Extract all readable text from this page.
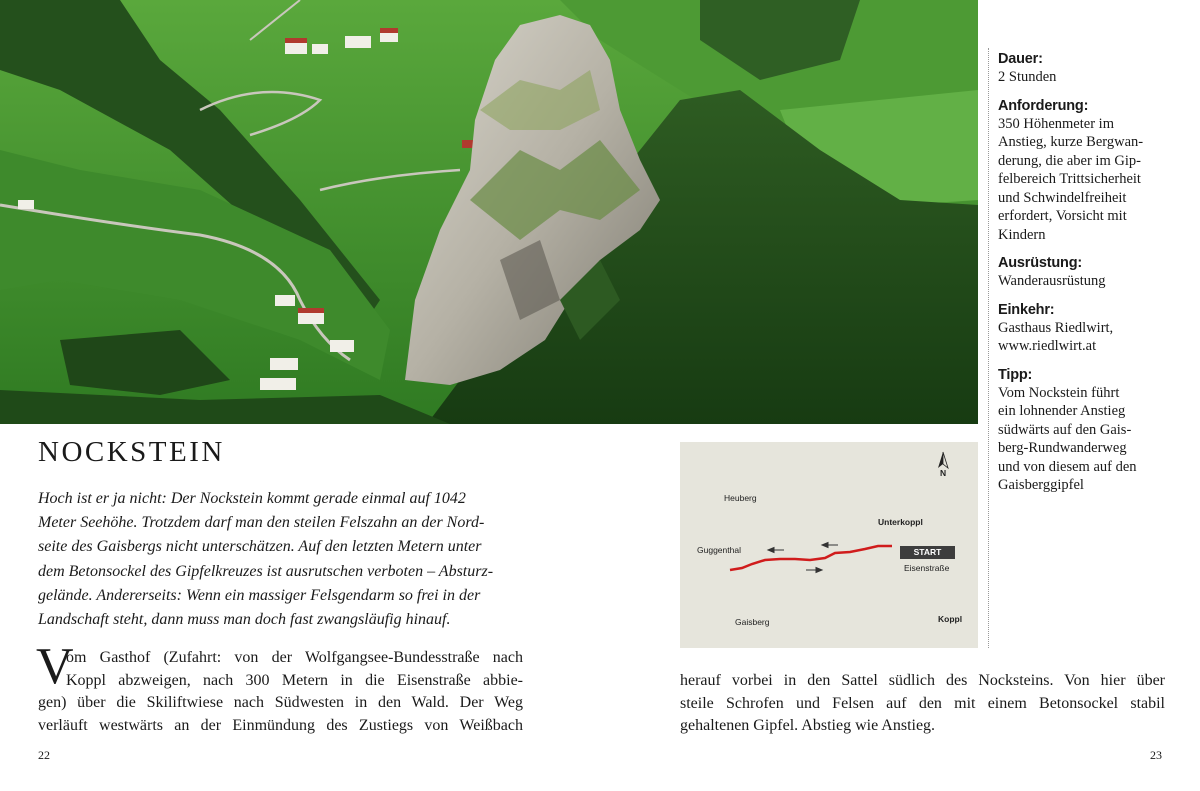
Dauer:
2 Stunden
Anforderung:
350 Höhenmeter im
Anstieg, kurze Bergwan-
derung, die aber im Gip-
felbereich Trittsicherheit
und Schwindelfreiheit
erfordert, Vorsicht mit
Kindern
Ausrüstung:
Wanderausrüstung
Einkehr:
Gasthaus Riedlwirt,
www.riedlwirt.at
Tipp:
Vom Nockstein führt
ein lohnender Anstieg
südwärts auf den Gais-
berg-Rundwanderweg
und von diesem auf den
Gaisberggipfel
NOCKSTEIN
Hoch ist er ja nicht: Der Nockstein kommt gerade einmal auf 1042
Meter Seehöhe. Trotzdem darf man den steilen Felszahn an der Nord-
seite des Gaisbergs nicht unterschätzen. Auf den letzten Metern unter
dem Betonsockel des Gipfelkreuzes ist ausrutschen verboten – Absturz-
gelände. Andererseits: Wenn ein massiger Felsgendarm so frei in der
Landschaft steht, dann muss man doch fast zwangsläufig hinauf.
V
om Gasthof (Zufahrt: von der Wolfgangsee-Bundesstraße nach
Koppl abzweigen, nach 300 Metern in die Eisenstraße abbie-
gen) über die Skiliftwiese nach Südwesten in den Wald. Der Weg
verläuft westwärts an der Einmündung des Zustiegs von Weißbach
herauf vorbei in den Sattel südlich des Nocksteins. Von hier über
steile Schrofen und Felsen auf den mit einem Betonsockel stabil
gehaltenen Gipfel. Abstieg wie Anstieg.
N
Heuberg
Unterkoppl
Guggenthal	START
Eisenstraße
Gaisberg	Koppl
22	23
